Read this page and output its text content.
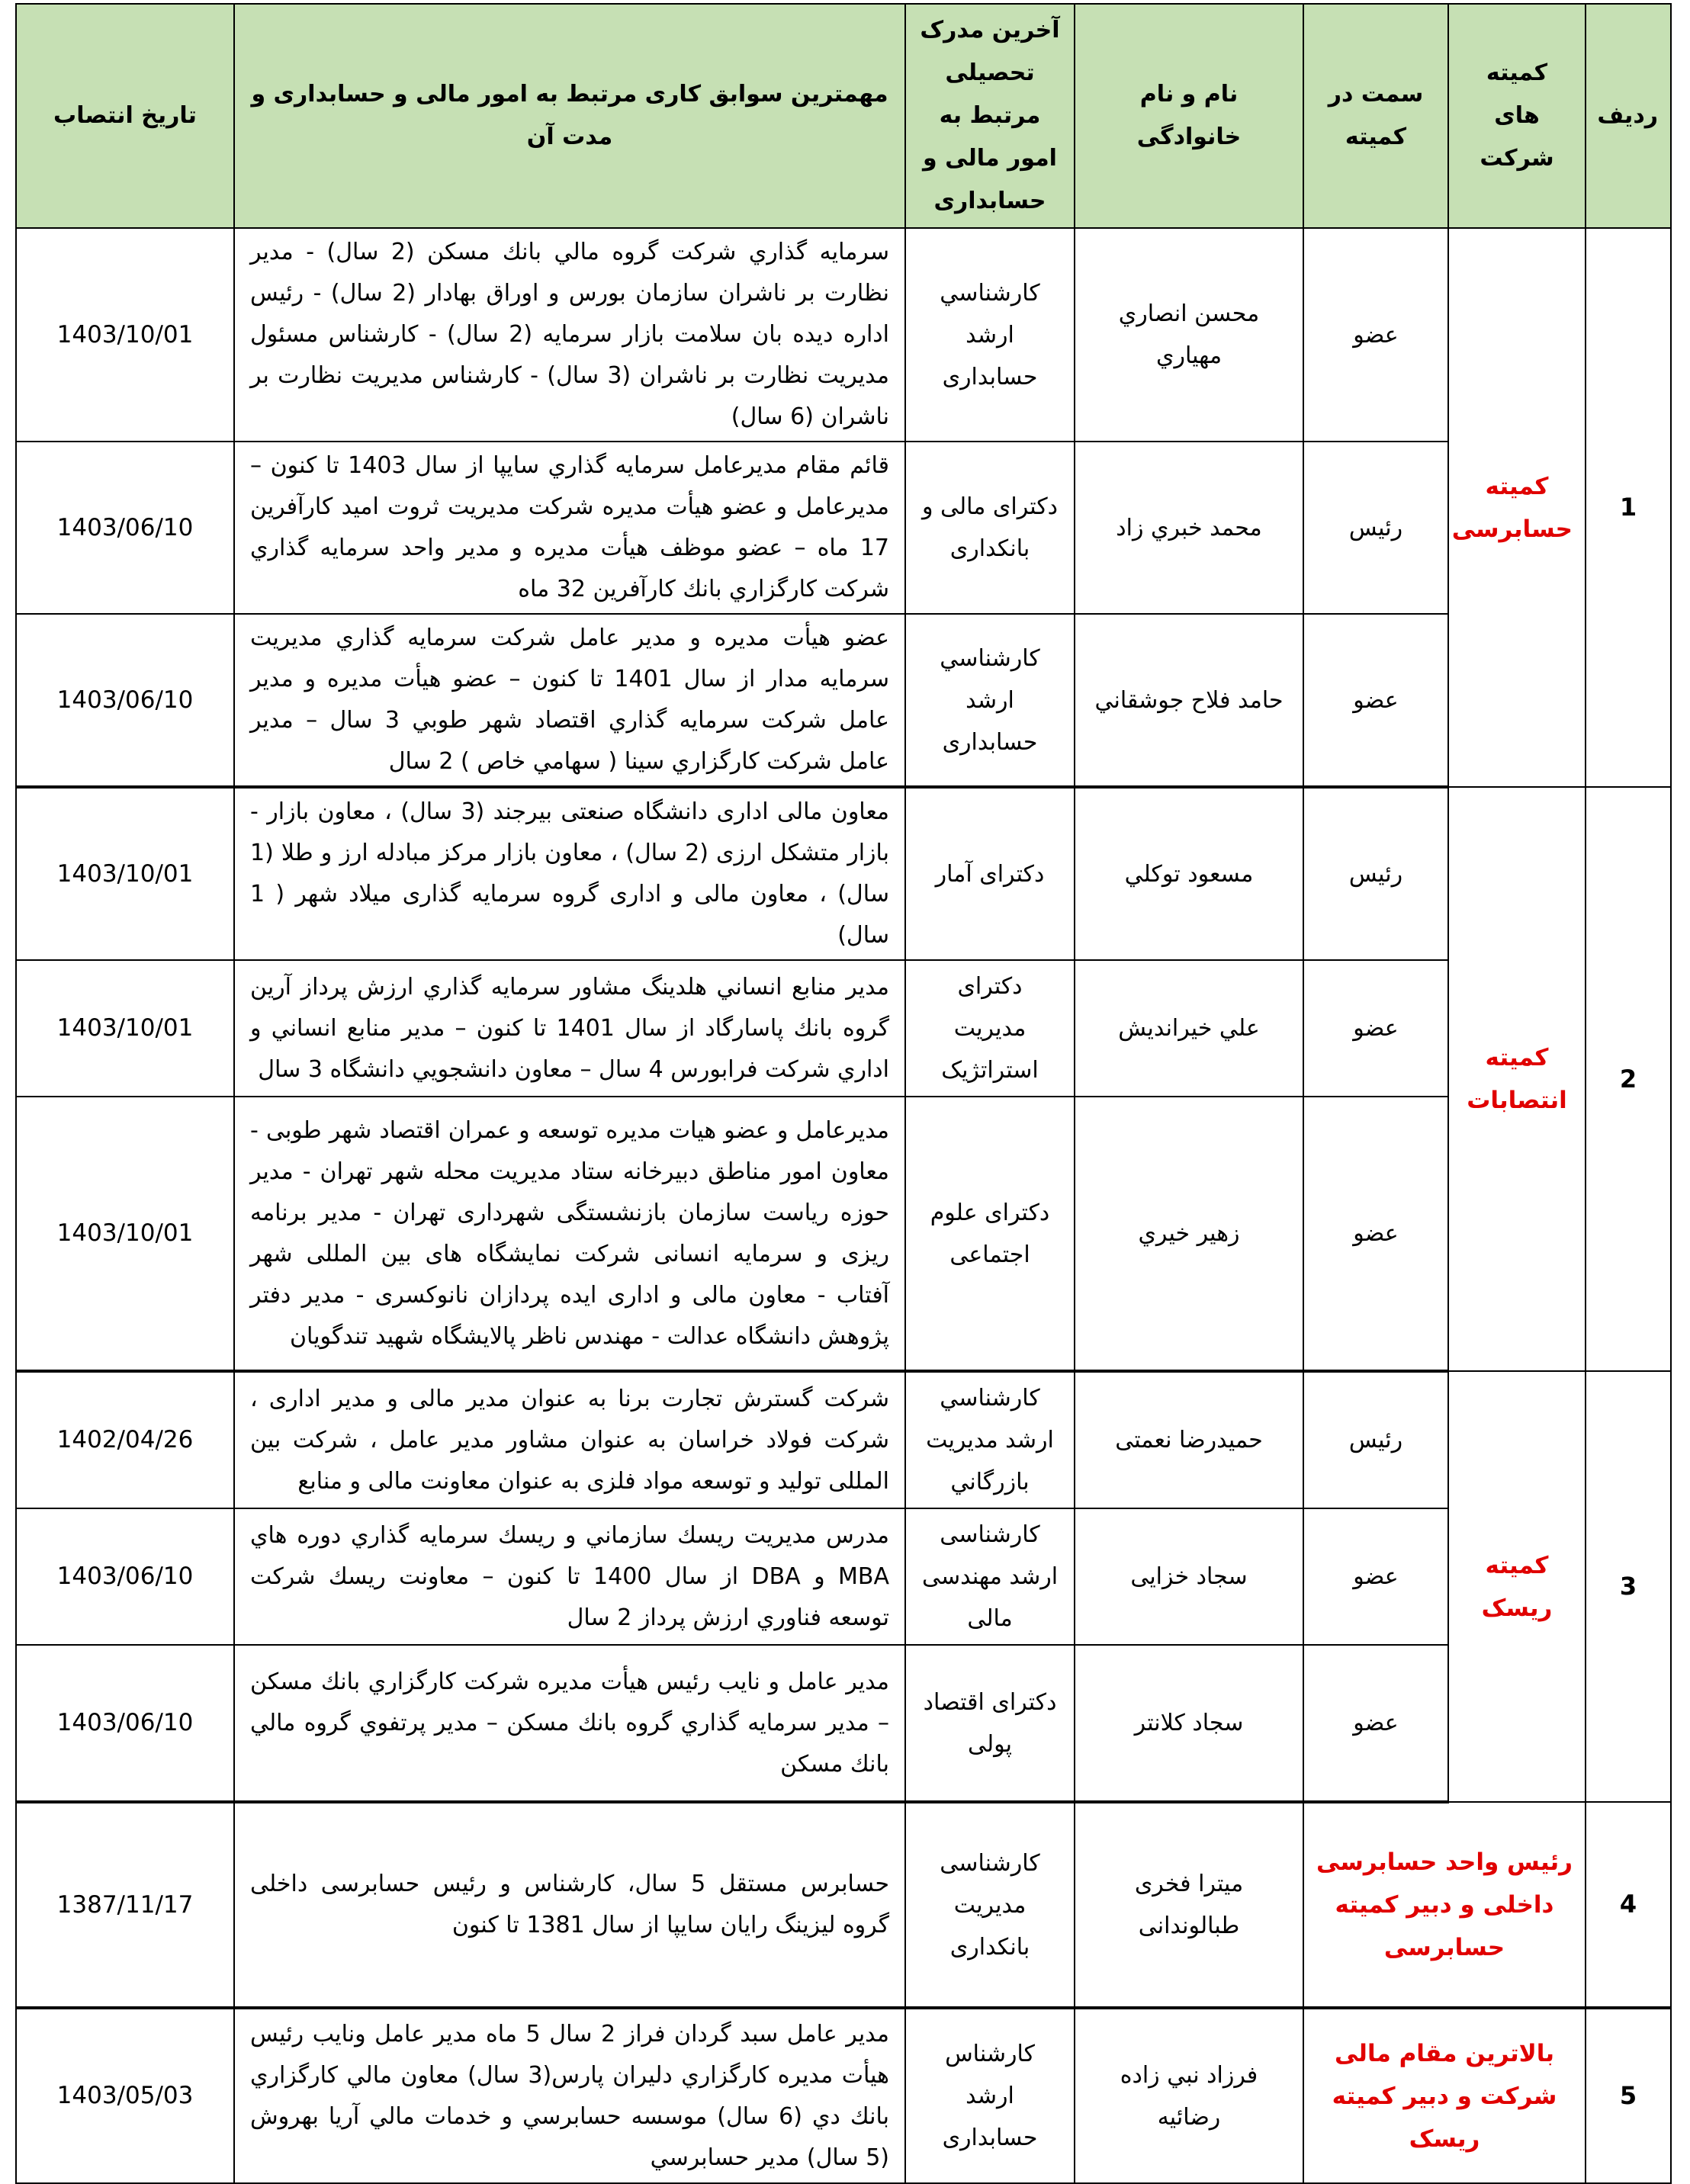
ردیف	کمیته های شرکت	سمت در کمیته	نام و نام خانوادگی	آخرین مدرک تحصیلی مرتبط به امور مالی و حسابداری	مهمترین سوابق کاری مرتبط به امور مالی و حسابداری و مدت آن	تاریخ انتصاب
1	کمیته حسابرسی	عضو	محسن انصاري مهياري	کارشناسي ارشد حسابداری	سرمايه گذاري شركت گروه مالي بانك مسكن (2 سال) - مدیر نظارت بر ناشران سازمان بورس و اوراق بهادار (2 سال) - رئیس اداره دیده بان سلامت بازار سرمایه (2 سال) - کارشناس مسئول مدیریت نظارت بر ناشران (3 سال) - کارشناس مدیریت نظارت بر ناشران (6 سال)	1403/10/01
		رئیس	محمد خبري زاد	دکترای مالی و بانکداری	قائم مقام مديرعامل سرمايه گذاري سايپا از سال 1403 تا كنون – مديرعامل و عضو هيأت مديره شركت مديريت ثروت اميد كارآفرين 17 ماه – عضو موظف هيأت مديره و مدير واحد سرمايه گذاري شركت كارگزاري بانك كارآفرين 32 ماه	1403/06/10
		عضو	حامد فلاح جوشقاني	کارشناسي ارشد حسابداری	عضو هيأت مديره و مدير عامل شركت سرمايه گذاري مديريت سرمايه مدار از سال 1401 تا كنون – عضو هيأت مديره و مدير عامل شركت سرمايه گذاري اقتصاد شهر طوبي 3 سال – مدير عامل شركت كارگزاري سينا ( سهامي خاص ) 2 سال	1403/06/10
2	کمیته انتصابات	رئیس	مسعود توکلي	دکترای آمار	معاون مالی اداری دانشگاه صنعتی بیرجند (3 سال) ، معاون بازار - بازار متشکل ارزی (2 سال) ، معاون بازار مرکز مبادله ارز و طلا (1 سال) ، معاون مالی و اداری گروه سرمایه گذاری میلاد شهر ( 1 سال)	1403/10/01
		عضو	علي خيرانديش	دکترای مدیریت استراتژیک	مدير منابع انساني هلدينگ مشاور سرمايه گذاري ارزش پرداز آرين گروه بانك پاسارگاد از سال 1401 تا كنون – مدير منابع انساني و اداري شركت فرابورس 4 سال – معاون دانشجويي دانشگاه 3 سال	1403/10/01
		عضو	زهير خيري	دکترای علوم اجتماعی	مدیرعامل و عضو هیات مدیره توسعه و عمران اقتصاد شهر طوبی - معاون امور مناطق دبیرخانه ستاد مدیریت محله شهر تهران - مدیر حوزه ریاست سازمان بازنشستگی شهرداری تهران - مدیر برنامه ریزی و سرمایه انسانی شرکت نمایشگاه های بین المللی شهر آفتاب - معاون مالی و اداری ایده پردازان نانوکسری - مدیر دفتر پژوهش دانشگاه عدالت - مهندس ناظر پالایشگاه شهید تندگویان	1403/10/01
3	کمیته ریسک	رئیس	حمیدرضا نعمتی	کارشناسي ارشد مدیریت بازرگاني	شرکت گسترش تجارت برنا به عنوان مدیر مالی و مدیر اداری ، شرکت فولاد خراسان به عنوان مشاور مدیر عامل ، شرکت بین المللی تولید و توسعه مواد فلزی به عنوان معاونت مالی و منابع	1402/04/26
		عضو	سجاد خزایی	کارشناسی ارشد مهندسی مالی	مدرس مديريت ريسك سازماني و ريسك سرمايه گذاري دوره هاي MBA و DBA از سال 1400 تا كنون – معاونت ريسك شركت توسعه فناوري ارزش پرداز 2 سال	1403/06/10
		عضو	سجاد کلانتر	دکترای اقتصاد پولی	مدير عامل و نايب رئيس هيأت مديره شركت كارگزاري بانك مسكن – مدير سرمايه گذاري گروه بانك مسكن – مدير پرتفوي گروه مالي بانك مسكن	1403/06/10
4	رئیس واحد حسابرسی داخلی و دبیر کمیته حسابرسی		میترا فخری طبالوندانی	کارشناسی مدیریت بانکداری	حسابرس مستقل 5 سال، کارشناس و رئیس حسابرسی داخلی گروه لیزینگ رایان سایپا از سال 1381 تا کنون	1387/11/17
5	بالاترین مقام مالی شرکت و دبیر کمیته ریسک		فرزاد نبي زاده رضائيه	کارشناس ارشد حسابداری	مدیر عامل سبد گردان فراز 2 سال 5 ماه مدیر عامل ونایب رئیس هيأت مديره كارگزاري دليران پارس(3 سال) معاون مالي كارگزاري بانك دي (6 سال) موسسه حسابرسي و خدمات مالي آريا بهروش (5 سال) مدير حسابرسي	1403/05/03
